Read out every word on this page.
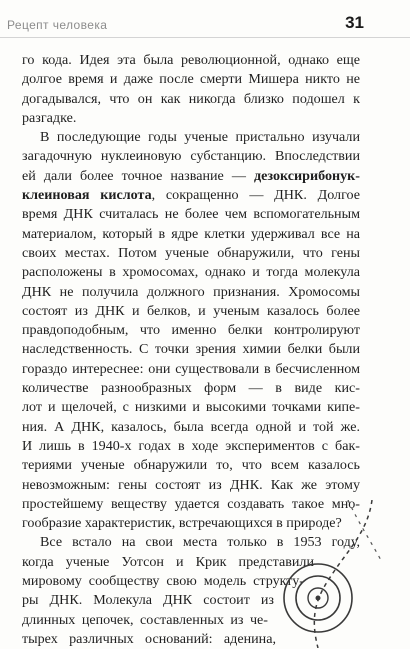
Рецепт человека	31
го кода. Идея эта была революционной, однако еще
долгое время и даже после смерти Мишера никто не
догадывался, что он как никогда близко подошел к
разгадке.
В последующие годы ученые пристально изучали
загадочную нуклеиновую субстанцию. Впоследствии
ей дали более точное название — дезоксирибонук-
клеиновая кислота, сокращенно — ДНК. Долгое
время ДНК считалась не более чем вспомогательным
материалом, который в ядре клетки удерживал все на
своих местах. Потом ученые обнаружили, что гены
расположены в хромосомах, однако и тогда молекула
ДНК не получила должного признания. Хромосомы
состоят из ДНК и белков, и ученым казалось более
правдоподобным, что именно белки контролируют
наследственность. С точки зрения химии белки были
гораздо интереснее: они существовали в бесчисленном
количестве разнообразных форм — в виде кис-
лот и щелочей, с низкими и высокими точками кипе-
ния. А ДНК, казалось, была всегда одной и той же.
И лишь в 1940-х годах в ходе экспериментов с бак-
териями ученые обнаружили то, что всем казалось
невозможным: гены состоят из ДНК. Как же этому
простейшему веществу удается создавать такое мно-
гообразие характеристик, встречающихся в природе?
Все встало на свои места только в 1953 году,
когда ученые Уотсон и Крик представили
мировому сообществу свою модель структу-
ры ДНК. Молекула ДНК состоит из
длинных цепочек, составленных из че-
тырех различных оснований: аденина,
